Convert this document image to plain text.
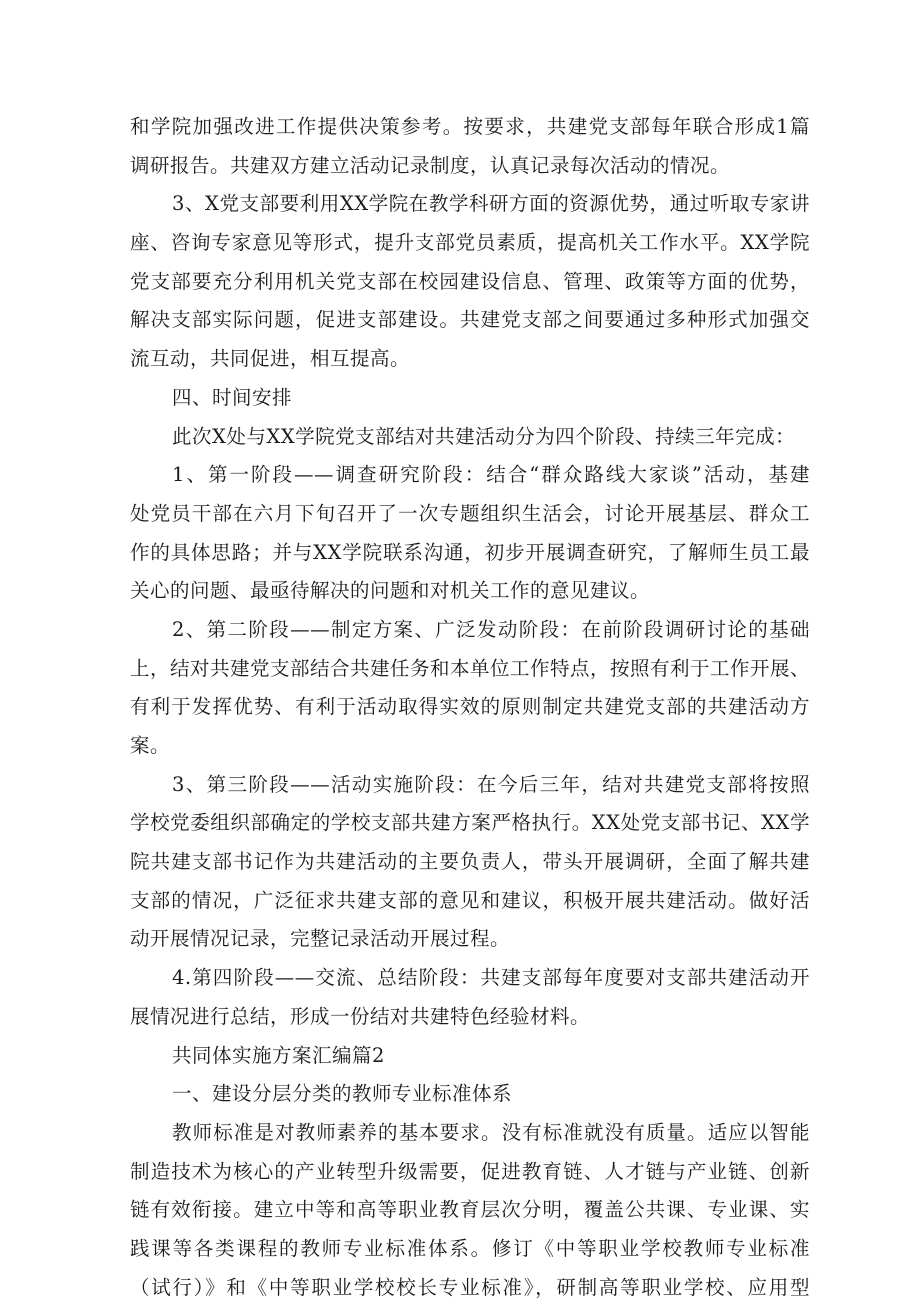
和学院加强改进工作提供决策参考。按要求，共建党支部每年联合形成1篇
调研报告。共建双方建立活动记录制度，认真记录每次活动的情况。
3、X党支部要利用XX学院在教学科研方面的资源优势，通过听取专家讲
座、咨询专家意见等形式，提升支部党员素质，提高机关工作水平。XX学院
党支部要充分利用机关党支部在校园建设信息、管理、政策等方面的优势，
解决支部实际问题，促进支部建设。共建党支部之间要通过多种形式加强交
流互动，共同促进，相互提高。
四、时间安排
此次X处与XX学院党支部结对共建活动分为四个阶段、持续三年完成：
1、第一阶段——调查研究阶段：结合“群众路线大家谈”活动，基建
处党员干部在六月下旬召开了一次专题组织生活会，讨论开展基层、群众工
作的具体思路；并与XX学院联系沟通，初步开展调查研究，了解师生员工最
关心的问题、最亟待解决的问题和对机关工作的意见建议。
2、第二阶段——制定方案、广泛发动阶段：在前阶段调研讨论的基础
上，结对共建党支部结合共建任务和本单位工作特点，按照有利于工作开展、
有利于发挥优势、有利于活动取得实效的原则制定共建党支部的共建活动方
案。
3、第三阶段——活动实施阶段：在今后三年，结对共建党支部将按照
学校党委组织部确定的学校支部共建方案严格执行。XX处党支部书记、XX学
院共建支部书记作为共建活动的主要负责人，带头开展调研，全面了解共建
支部的情况，广泛征求共建支部的意见和建议，积极开展共建活动。做好活
动开展情况记录，完整记录活动开展过程。
4.第四阶段——交流、总结阶段：共建支部每年度要对支部共建活动开
展情况进行总结，形成一份结对共建特色经验材料。
共同体实施方案汇编篇2
一、建设分层分类的教师专业标准体系
教师标准是对教师素养的基本要求。没有标准就没有质量。适应以智能
制造技术为核心的产业转型升级需要，促进教育链、人才链与产业链、创新
链有效衔接。建立中等和高等职业教育层次分明，覆盖公共课、专业课、实
践课等各类课程的教师专业标准体系。修订《中等职业学校教师专业标准
（试行）》和《中等职业学校校长专业标准》，研制高等职业学校、应用型
